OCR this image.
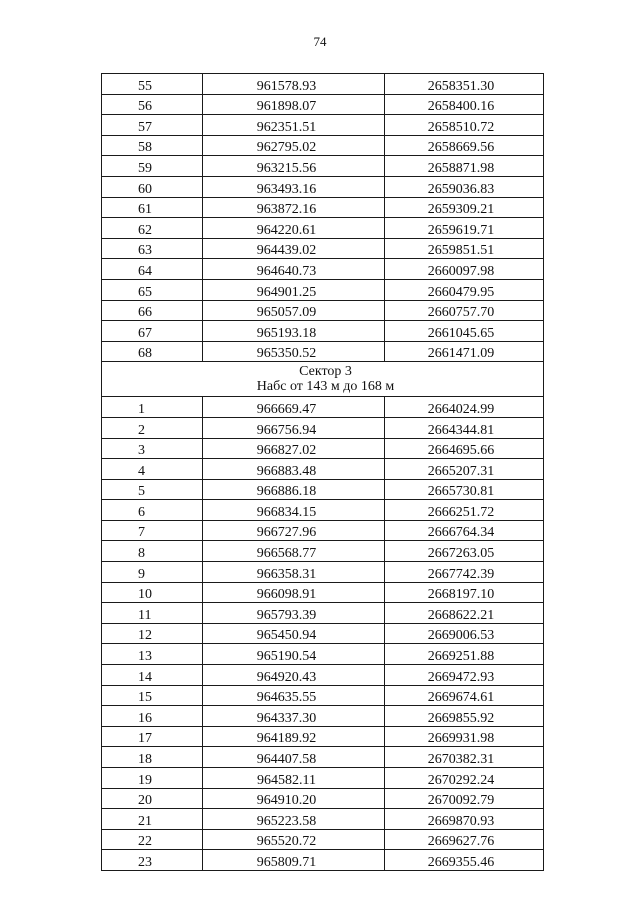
74
55	961578.93	2658351.30
56	961898.07	2658400.16
57	962351.51	2658510.72
58	962795.02	2658669.56
59	963215.56	2658871.98
60	963493.16	2659036.83
61	963872.16	2659309.21
62	964220.61	2659619.71
63	964439.02	2659851.51
64	964640.73	2660097.98
65	964901.25	2660479.95
66	965057.09	2660757.70
67	965193.18	2661045.65
68	965350.52	2661471.09

Сектор 3
Набс от 143 м до 168 м		

1	966669.47	2664024.99
2	966756.94	2664344.81
3	966827.02	2664695.66
4	966883.48	2665207.31
5	966886.18	2665730.81
6	966834.15	2666251.72
7	966727.96	2666764.34
8	966568.77	2667263.05
9	966358.31	2667742.39
10	966098.91	2668197.10
11	965793.39	2668622.21
12	965450.94	2669006.53
13	965190.54	2669251.88
14	964920.43	2669472.93
15	964635.55	2669674.61
16	964337.30	2669855.92
17	964189.92	2669931.98
18	964407.58	2670382.31
19	964582.11	2670292.24
20	964910.20	2670092.79
21	965223.58	2669870.93
22	965520.72	2669627.76
23	965809.71	2669355.46
